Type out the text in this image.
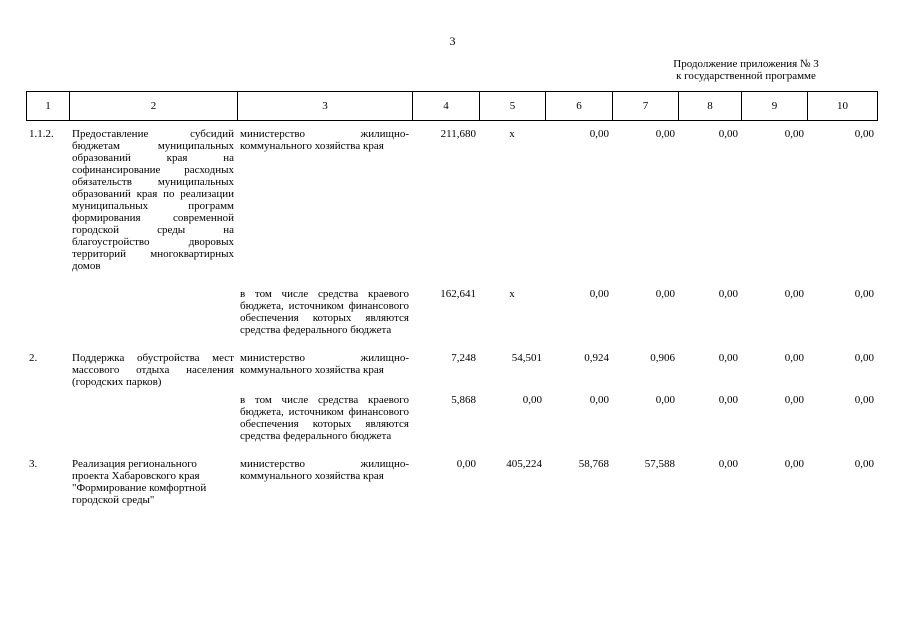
3
Продолжение приложения № 3
к государственной программе
1	2	3	4	5	6	7	8	9	10
1.1.2.	Предоставление субсидий бюджетам муниципальных образований края на софинансирование расходных обязательств муниципальных образований края по реализации муниципальных программ формирования современной городской среды на благоустройство дворовых территорий многоквартирных домов	министерство жилищно-коммунального хозяйства края	211,680	х	0,00	0,00	0,00	0,00	0,00

		в том числе средства краевого бюджета, источником финансового обеспечения которых являются средства федерального бюджета	162,641	х	0,00	0,00	0,00	0,00	0,00

2.	Поддержка обустройства мест массового отдыха населения (городских парков)	министерство жилищно-коммунального хозяйства края	7,248	54,501	0,924	0,906	0,00	0,00	0,00

		в том числе средства краевого бюджета, источником финансового обеспечения которых являются средства федерального бюджета	5,868	0,00	0,00	0,00	0,00	0,00	0,00

3.	Реализация регионального проекта Хабаровского края "Формирование комфортной городской среды"	министерство жилищно-коммунального хозяйства края	0,00	405,224	58,768	57,588	0,00	0,00	0,00
